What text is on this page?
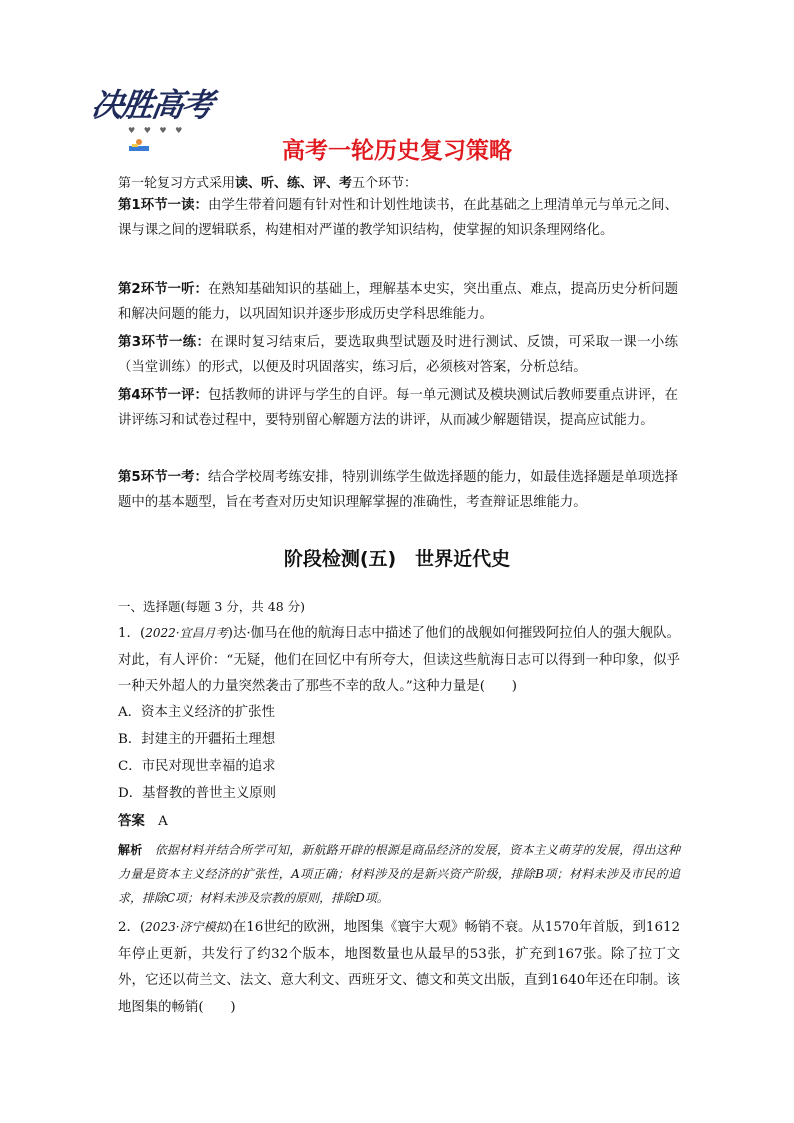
决胜高考
♥ ♥ ♥ ♥
高考一轮历史复习策略
第一轮复习方式采用读、听、练、评、考五个环节：
第1环节一读：由学生带着问题有针对性和计划性地读书，在此基础之上理清单元与单元之间、课与课之间的逻辑联系，构建相对严谨的教学知识结构，使掌握的知识条理网络化。
第2环节一听：在熟知基础知识的基础上，理解基本史实，突出重点、难点，提高历史分析问题和解决问题的能力，以巩固知识并逐步形成历史学科思维能力。
第3环节一练：在课时复习结束后，要选取典型试题及时进行测试、反馈，可采取一课一小练（当堂训练）的形式，以便及时巩固落实，练习后，必须核对答案，分析总结。
第4环节一评：包括教师的讲评与学生的自评。每一单元测试及模块测试后教师要重点讲评，在讲评练习和试卷过程中，要特别留心解题方法的讲评，从而减少解题错误，提高应试能力。
第5环节一考：结合学校周考练安排，特别训练学生做选择题的能力，如最佳选择题是单项选择题中的基本题型，旨在考查对历史知识理解掌握的准确性，考查辩证思维能力。
阶段检测(五)　世界近代史
一、选择题(每题 3 分，共 48 分)
1．(2022·宜昌月考)达·伽马在他的航海日志中描述了他们的战舰如何摧毁阿拉伯人的强大舰队。对此，有人评价：“无疑，他们在回忆中有所夸大，但读这些航海日志可以得到一种印象，似乎一种天外超人的力量突然袭击了那些不幸的敌人。”这种力量是(　　)
A．资本主义经济的扩张性
B．封建主的开疆拓土理想
C．市民对现世幸福的追求
D．基督教的普世主义原则
答案　 A
解析　 依据材料并结合所学可知，新航路开辟的根源是商品经济的发展，资本主义萌芽的发展，得出这种力量是资本主义经济的扩张性，A项正确；材料涉及的是新兴资产阶级，排除B项；材料未涉及市民的追求，排除C项；材料未涉及宗教的原则，排除D项。
2．(2023·济宁模拟)在16世纪的欧洲，地图集《寰宇大观》畅销不衰。从1570年首版，到1612年停止更新，共发行了约32个版本，地图数量也从最早的53张，扩充到167张。除了拉丁文外，它还以荷兰文、法文、意大利文、西班牙文、德文和英文出版，直到1640年还在印制。该地图集的畅销(　　)
